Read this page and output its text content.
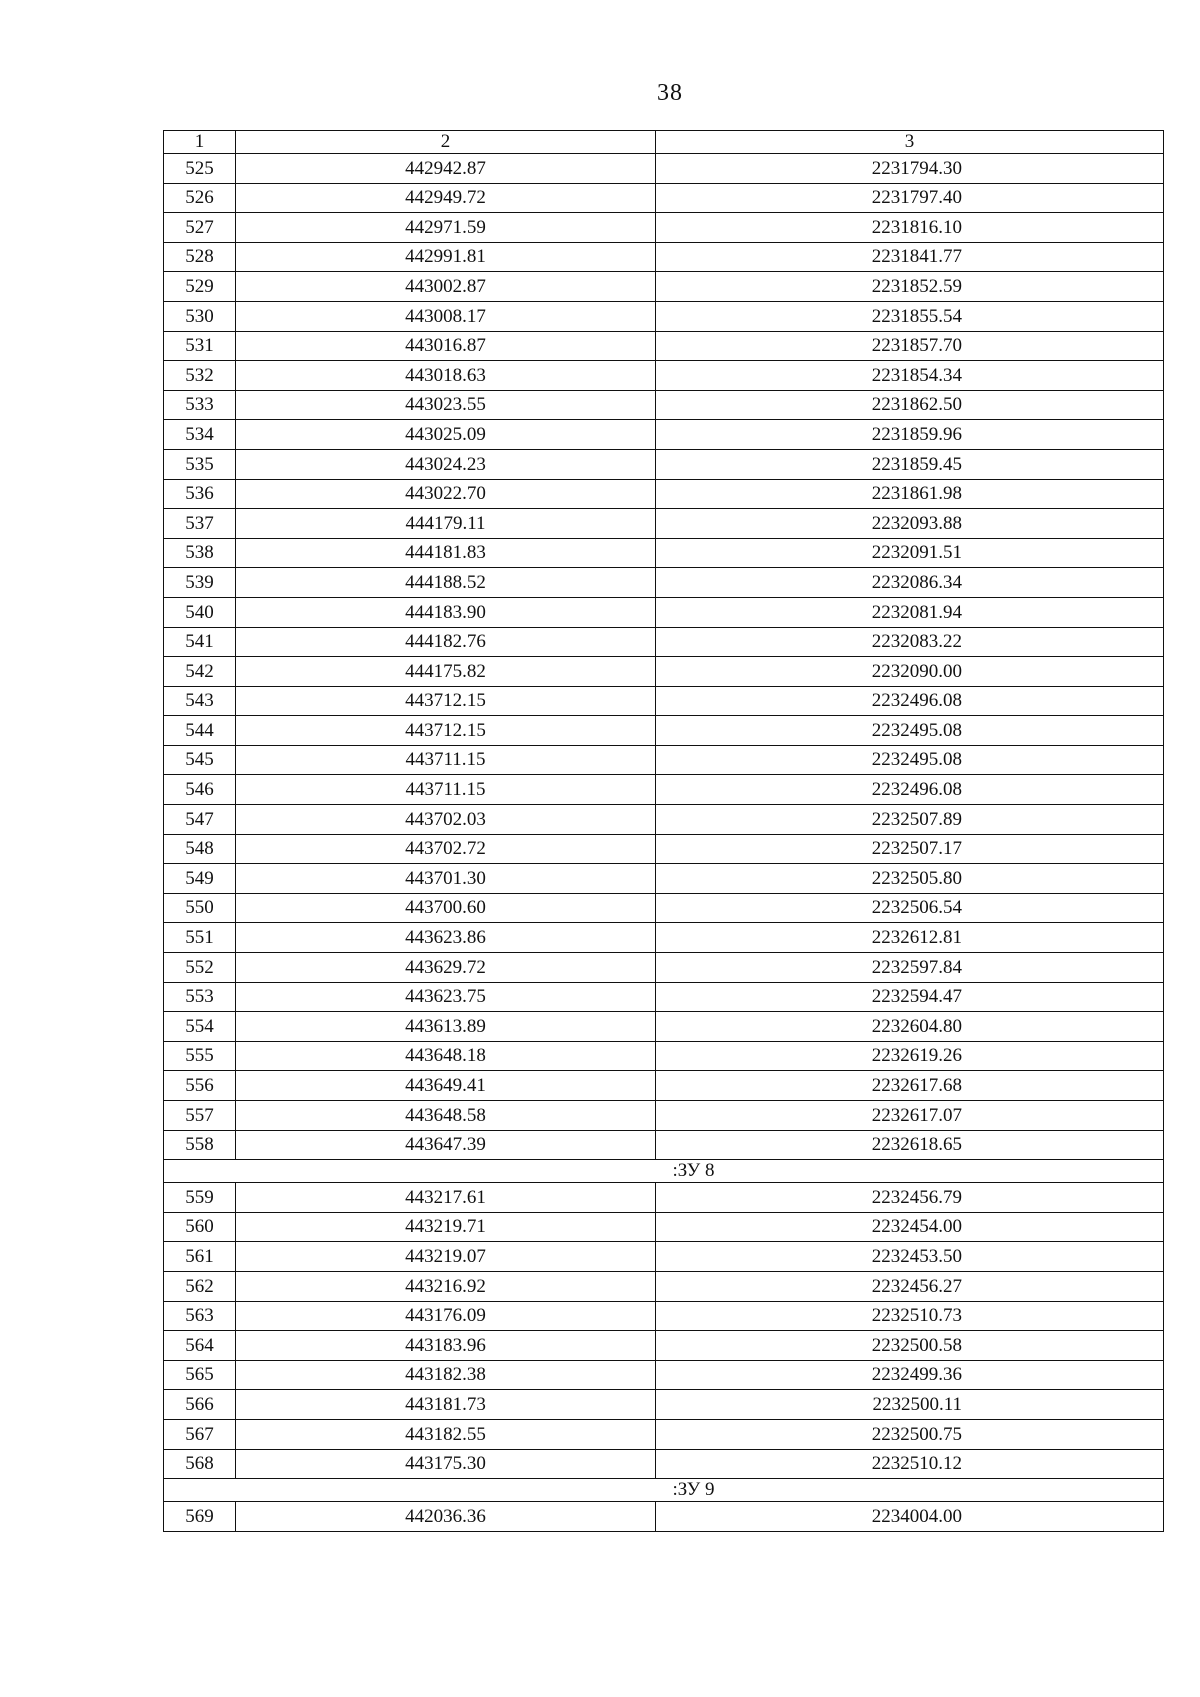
38
1	2	3
525	442942.87	2231794.30
526	442949.72	2231797.40
527	442971.59	2231816.10
528	442991.81	2231841.77
529	443002.87	2231852.59
530	443008.17	2231855.54
531	443016.87	2231857.70
532	443018.63	2231854.34
533	443023.55	2231862.50
534	443025.09	2231859.96
535	443024.23	2231859.45
536	443022.70	2231861.98
537	444179.11	2232093.88
538	444181.83	2232091.51
539	444188.52	2232086.34
540	444183.90	2232081.94
541	444182.76	2232083.22
542	444175.82	2232090.00
543	443712.15	2232496.08
544	443712.15	2232495.08
545	443711.15	2232495.08
546	443711.15	2232496.08
547	443702.03	2232507.89
548	443702.72	2232507.17
549	443701.30	2232505.80
550	443700.60	2232506.54
551	443623.86	2232612.81
552	443629.72	2232597.84
553	443623.75	2232594.47
554	443613.89	2232604.80
555	443648.18	2232619.26
556	443649.41	2232617.68
557	443648.58	2232617.07
558	443647.39	2232618.65
:ЗУ 8		
559	443217.61	2232456.79
560	443219.71	2232454.00
561	443219.07	2232453.50
562	443216.92	2232456.27
563	443176.09	2232510.73
564	443183.96	2232500.58
565	443182.38	2232499.36
566	443181.73	2232500.11
567	443182.55	2232500.75
568	443175.30	2232510.12
:ЗУ 9		
569	442036.36	2234004.00
